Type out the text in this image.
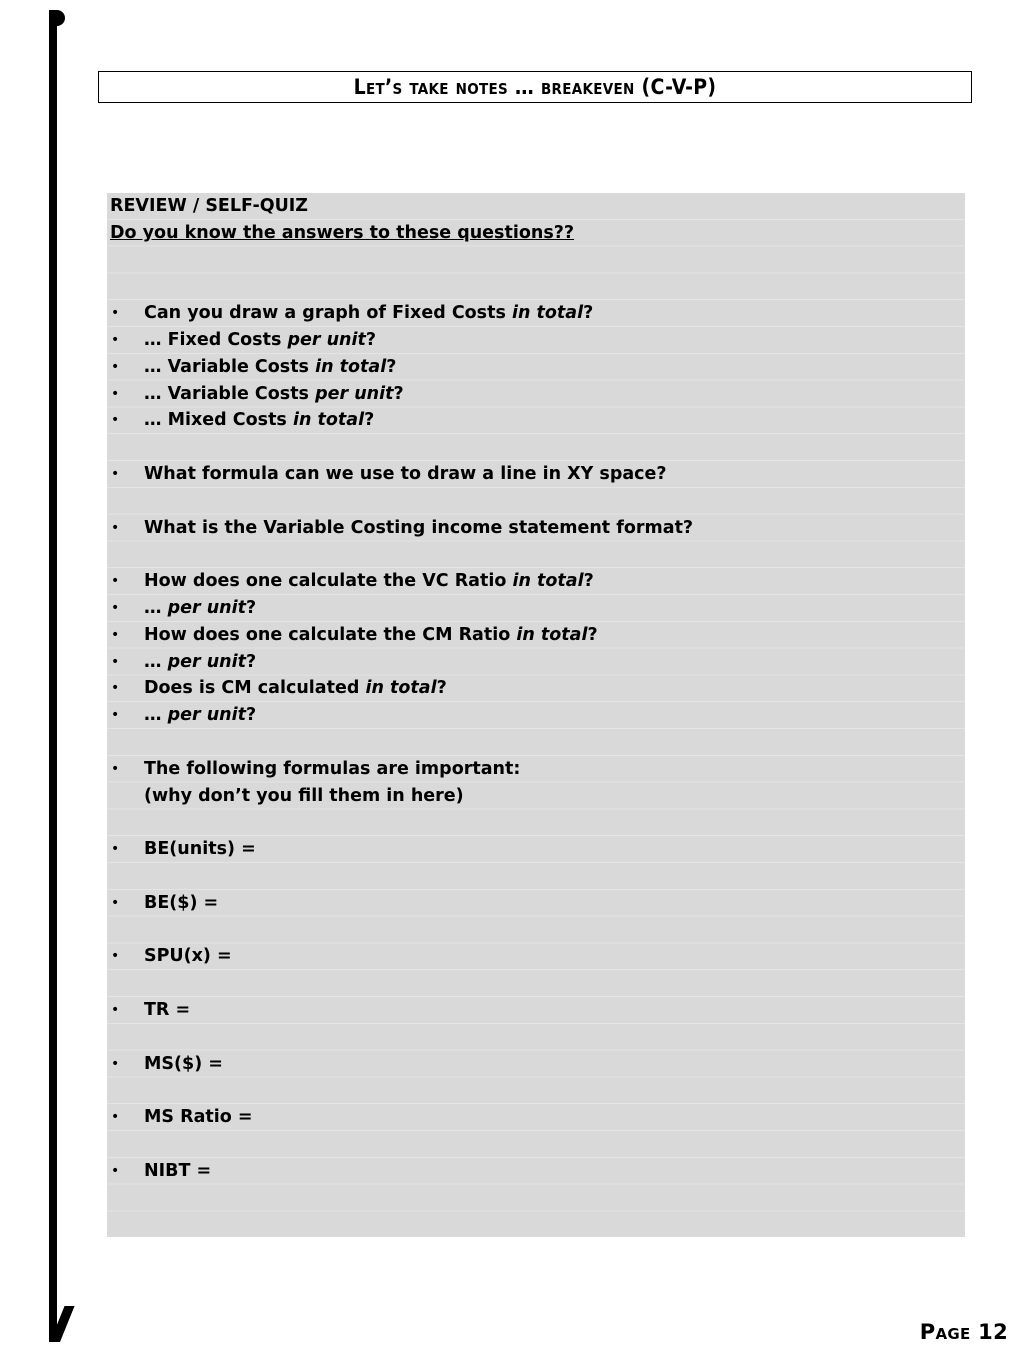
Let’s take notes … breakeven (C-V-P)
REVIEW / SELF-QUIZ
Do you know the answers to these questions??
• Can you draw a graph of Fixed Costs in total?
• … Fixed Costs per unit?
• … Variable Costs in total?
• … Variable Costs per unit?
• … Mixed Costs in total?
• What formula can we use to draw a line in XY space?
• What is the Variable Costing income statement format?
• How does one calculate the VC Ratio in total?
• … per unit?
• How does one calculate the CM Ratio in total?
• … per unit?
• Does is CM calculated in total?
• … per unit?
• The following formulas are important:
(why don’t you fill them in here)
• BE(units) =
• BE($) =
• SPU(x) =
• TR =
• MS($) =
• MS Ratio =
• NIBT =
Page 12
